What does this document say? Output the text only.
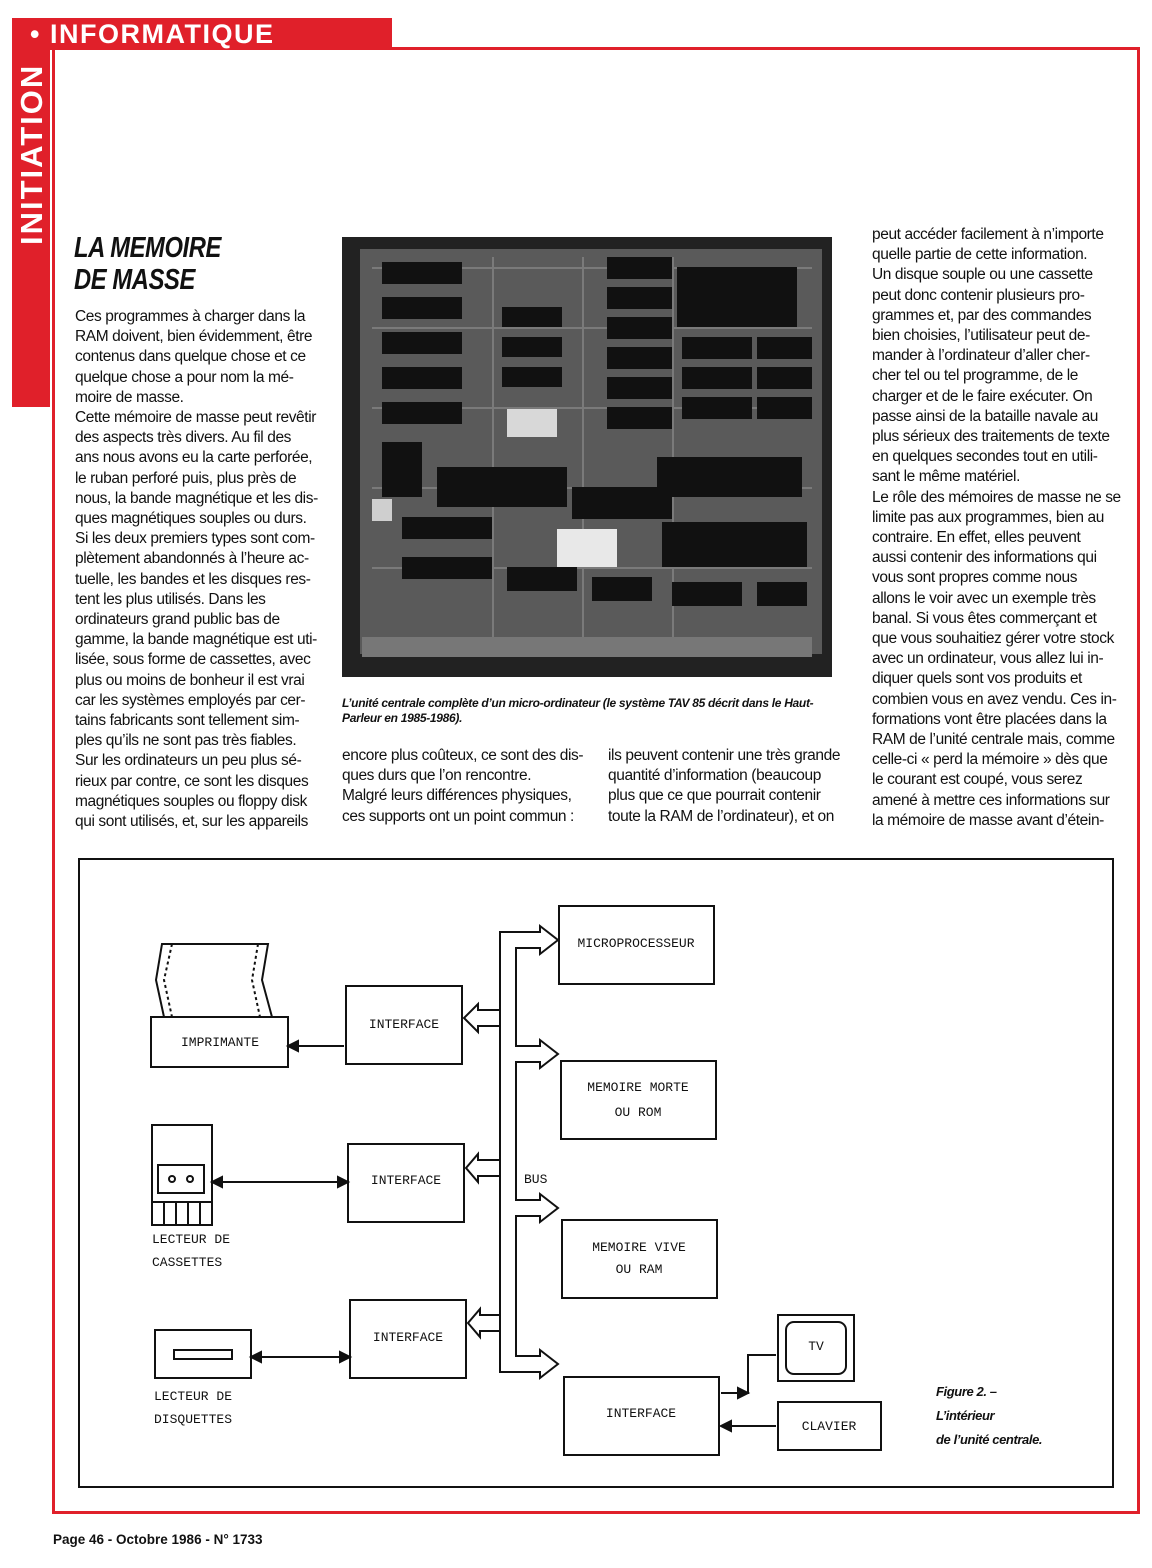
INITIATION
• INFORMATIQUE
LA MEMOIRE
DE MASSE
Ces programmes à charger dans la
RAM doivent, bien évidemment, être
contenus dans quelque chose et ce
quelque chose a pour nom la mé-
moire de masse.
Cette mémoire de masse peut revêtir
des aspects très divers. Au fil des
ans nous avons eu la carte perforée,
le ruban perforé puis, plus près de
nous, la bande magnétique et les dis-
ques magnétiques souples ou durs.
Si les deux premiers types sont com-
plètement abandonnés à l’heure ac-
tuelle, les bandes et les disques res-
tent les plus utilisés. Dans les
ordinateurs grand public bas de
gamme, la bande magnétique est uti-
lisée, sous forme de cassettes, avec
plus ou moins de bonheur il est vrai
car les systèmes employés par cer-
tains fabricants sont tellement sim-
ples qu’ils ne sont pas très fiables.
Sur les ordinateurs un peu plus sé-
rieux par contre, ce sont les disques
magnétiques souples ou floppy disk
qui sont utilisés, et, sur les appareils
encore plus coûteux, ce sont des dis-
ques durs que l’on rencontre.
Malgré leurs différences physiques,
ces supports ont un point commun :
ils peuvent contenir une très grande
quantité d’information (beaucoup
plus que ce que pourrait contenir
toute la RAM de l’ordinateur), et on
peut accéder facilement à n’importe
quelle partie de cette information.
Un disque souple ou une cassette
peut donc contenir plusieurs pro-
grammes et, par des commandes
bien choisies, l’utilisateur peut de-
mander à l’ordinateur d’aller cher-
cher tel ou tel programme, de le
charger et de le faire exécuter. On
passe ainsi de la bataille navale au
plus sérieux des traitements de texte
en quelques secondes tout en utili-
sant le même matériel.
Le rôle des mémoires de masse ne se
limite pas aux programmes, bien au
contraire. En effet, elles peuvent
aussi contenir des informations qui
vous sont propres comme nous
allons le voir avec un exemple très
banal. Si vous êtes commerçant et
que vous souhaitiez gérer votre stock
avec un ordinateur, vous allez lui in-
diquer quels sont vos produits et
combien vous en avez vendu. Ces in-
formations vont être placées dans la
RAM de l’unité centrale mais, comme
celle-ci « perd la mémoire » dès que
le courant est coupé, vous serez
amené à mettre ces informations sur
la mémoire de masse avant d’étein-
L’unité centrale complète d’un micro-ordinateur (le système TAV 85 décrit dans le Haut-Parleur en 1985-1986).
MICROPROCESSEUR
MEMOIRE MORTE
OU ROM
MEMOIRE VIVE
OU RAM
INTERFACE
INTERFACE
INTERFACE
INTERFACE
IMPRIMANTE
TV
CLAVIER
BUS
LECTEUR DE
CASSETTES
LECTEUR DE
DISQUETTES
Figure 2. –
L’intérieur
de l’unité centrale.
Page 46 - Octobre 1986 - N° 1733
